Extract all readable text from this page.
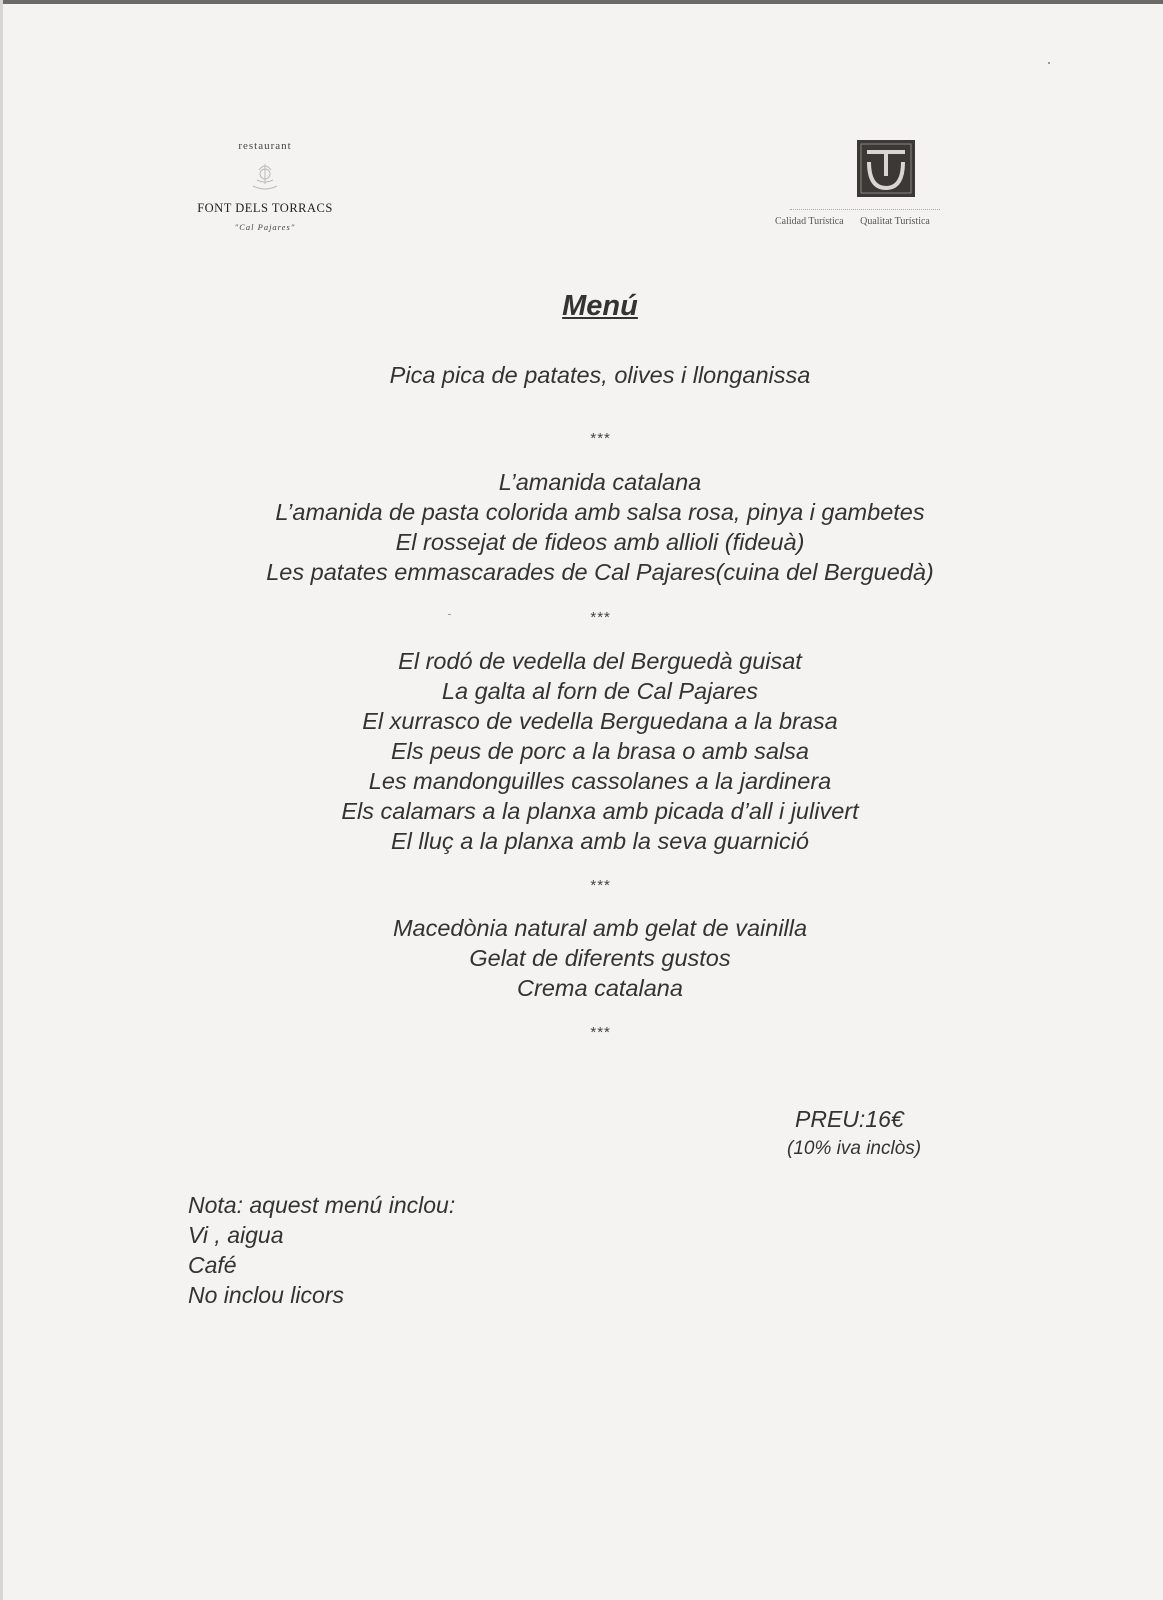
restaurant
FONT DELS TORRACS
"Cal Pajares"	Calidad Turística Qualitat Turística
Menú
Pica pica de patates, olives i llonganissa
***
L’amanida catalana
L’amanida de pasta colorida amb salsa rosa, pinya i gambetes
El rossejat de fideos amb allioli (fideuà)
Les patates emmascarades de Cal Pajares(cuina del Berguedà)
***
El rodó de vedella del Berguedà guisat
La galta al forn de Cal Pajares
El xurrasco de vedella Berguedana a la brasa
Els peus de porc a la brasa o amb salsa
Les mandonguilles cassolanes a la jardinera
Els calamars a la planxa amb picada d’all i julivert
El lluç a la planxa amb la seva guarnició
***
Macedònia natural amb gelat de vainilla
Gelat de diferents gustos
Crema catalana
***
PREU:16€
(10% iva inclòs)
Nota: aquest menú inclou:
Vi , aigua
Café
No inclou licors
